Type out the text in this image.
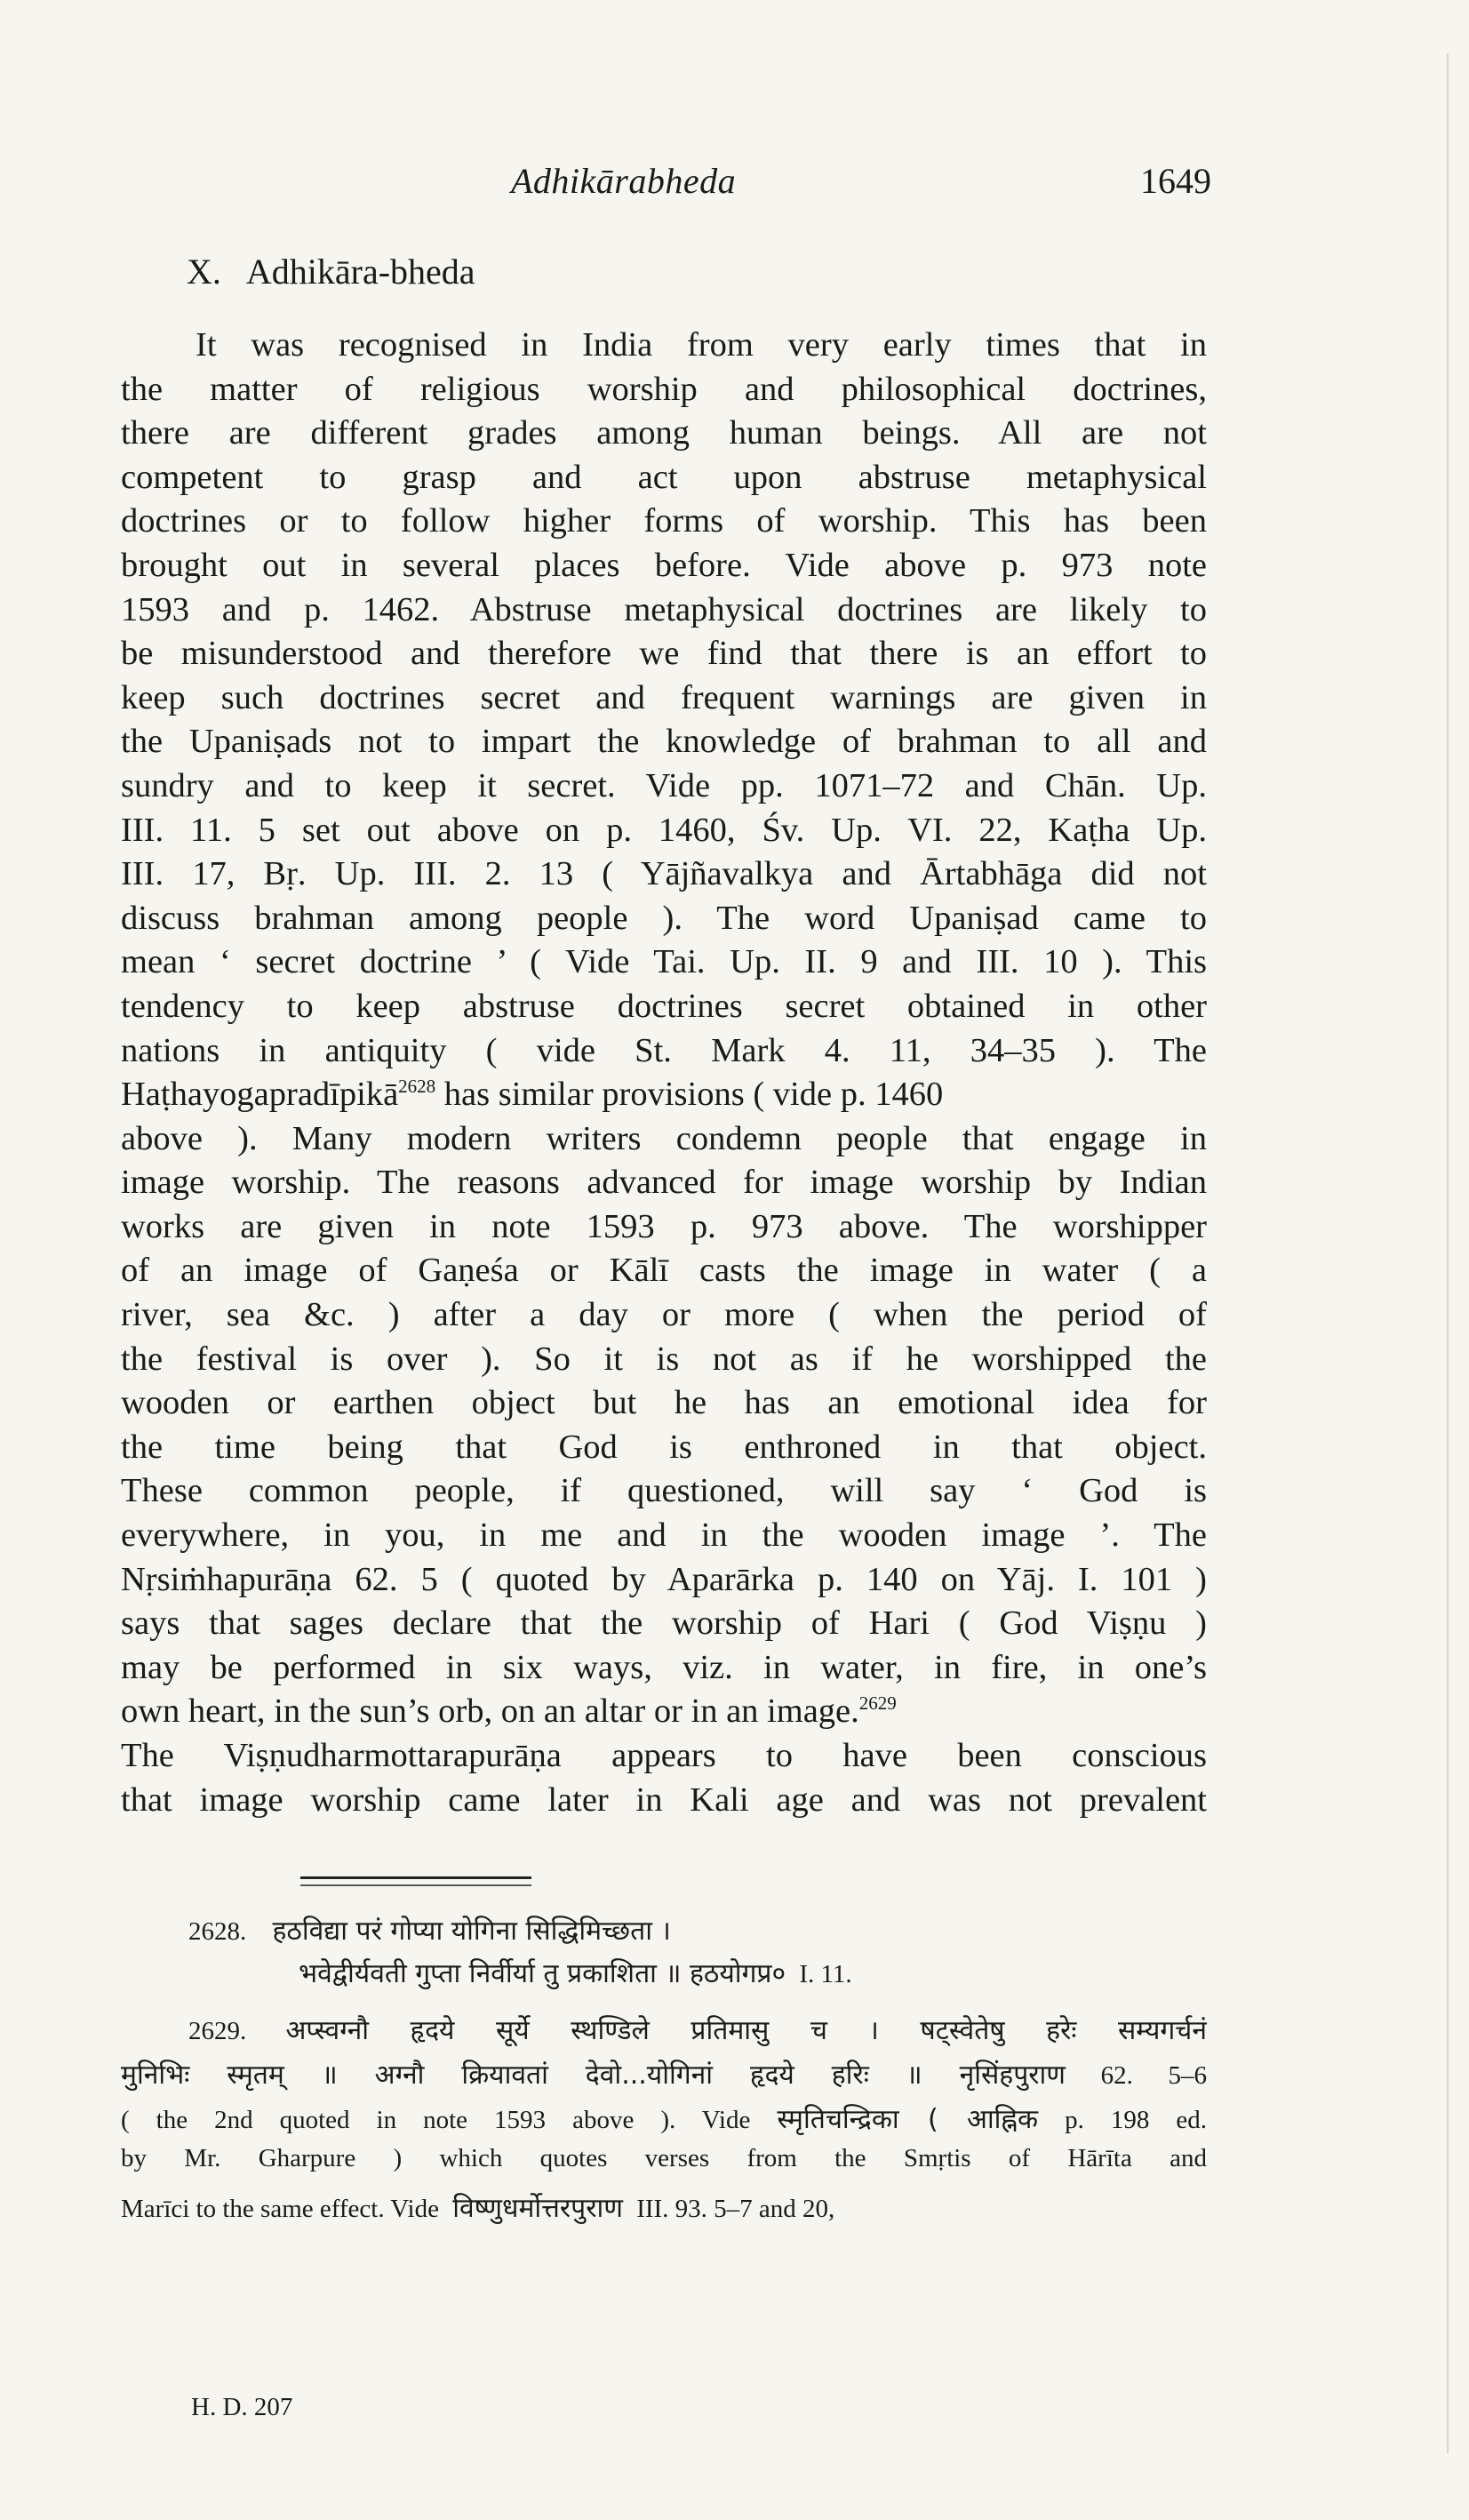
Adhikārabheda	1649
X. Adhikāra-bheda
It was recognised in India from very early times that in
the matter of religious worship and philosophical doctrines,
there are different grades among human beings. All are not
competent to grasp and act upon abstruse metaphysical
doctrines or to follow higher forms of worship. This has been
brought out in several places before. Vide above p. 973 note
1593 and p. 1462. Abstruse metaphysical doctrines are likely to
be misunderstood and therefore we find that there is an effort to
keep such doctrines secret and frequent warnings are given in
the Upaniṣads not to impart the knowledge of brahman to all and
sundry and to keep it secret. Vide pp. 1071–72 and Chān. Up.
III. 11. 5 set out above on p. 1460, Śv. Up. VI. 22, Kaṭha Up.
III. 17, Bṛ. Up. III. 2. 13 ( Yājñavalkya and Ārtabhāga did not
discuss brahman among people ). The word Upaniṣad came to
mean ‘ secret doctrine ’ ( Vide Tai. Up. II. 9 and III. 10 ). This
tendency to keep abstruse doctrines secret obtained in other
nations in antiquity ( vide St. Mark 4. 11, 34–35 ). The
Haṭhayogapradīpikā$^{2628}$ has similar provisions ( vide p. 1460
above ). Many modern writers condemn people that engage in
image worship. The reasons advanced for image worship by Indian
works are given in note 1593 p. 973 above. The worshipper
of an image of Gaṇeśa or Kālī casts the image in water ( a
river, sea &c. ) after a day or more ( when the period of
the festival is over ). So it is not as if he worshipped the
wooden or earthen object but he has an emotional idea for
the time being that God is enthroned in that object.
These common people, if questioned, will say ‘ God is
everywhere, in you, in me and in the wooden image ’. The
Nṛsiṁhapurāṇa 62. 5 ( quoted by Aparārka p. 140 on Yāj. I. 101 )
says that sages declare that the worship of Hari ( God Viṣṇu )
may be performed in six ways, viz. in water, in fire, in one’s
own heart, in the sun’s orb, on an altar or in an image.$^{2629}$
The Viṣṇudharmottarapurāṇa appears to have been conscious
that image worship came later in Kali age and was not prevalent
2628. हठविद्या परं गोप्या योगिना सिद्धिमिच्छता ।
भवेद्वीर्यवती गुप्ता निर्वीर्या तु प्रकाशिता ॥ हठयोगप्र० I. 11.
2629. अप्स्वग्नौ हृदये सूर्ये स्थण्डिले प्रतिमासु च । षट्स्वेतेषु हरेः सम्यगर्चनं
मुनिभिः स्मृतम् ॥ अग्नौ क्रियावतां देवो...योगिनां हृदये हरिः ॥ नृसिंहपुराण 62. 5–6
( the 2nd quoted in note 1593 above ). Vide स्मृतिचन्द्रिका ( आह्निक p. 198 ed.
by Mr. Gharpure ) which quotes verses from the Smṛtis of Hārīta and
Marīci to the same effect. Vide विष्णुधर्मोत्तरपुराण III. 93. 5–7 and 20,
H. D. 207
